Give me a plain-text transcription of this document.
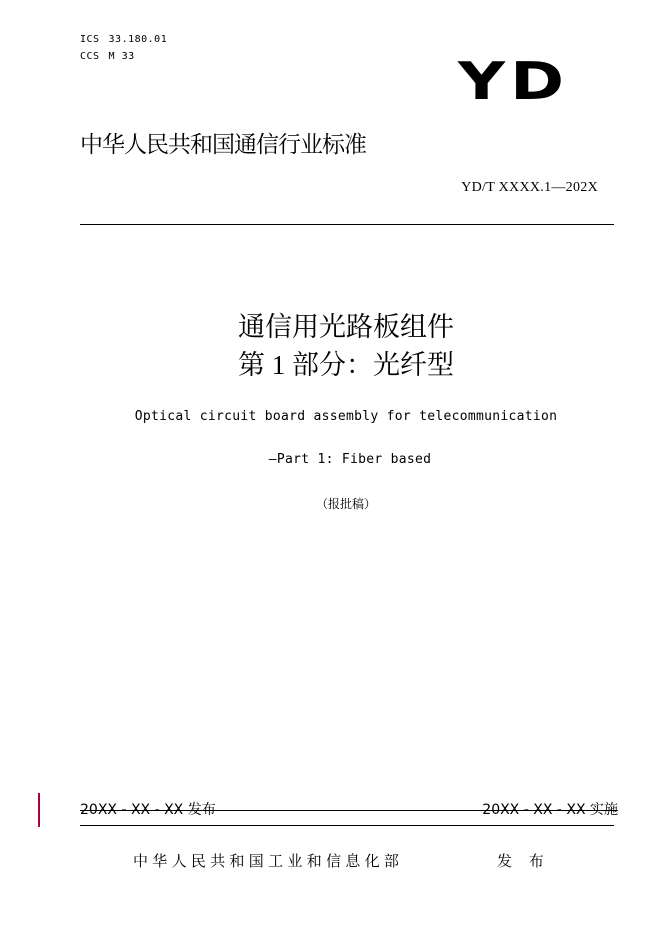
ICS 33.180.01
CCS M 33	YD
中华人民共和国通信行业标准
YD/T XXXX.1—202X
通信用光路板组件
第 1 部分：光纤型
Optical circuit board assembly for telecommunication
—Part 1: Fiber based
（报批稿）
20XX - XX - XX 发布	20XX - XX - XX 实施
中华人民共和国工业和信息化部	发 布
